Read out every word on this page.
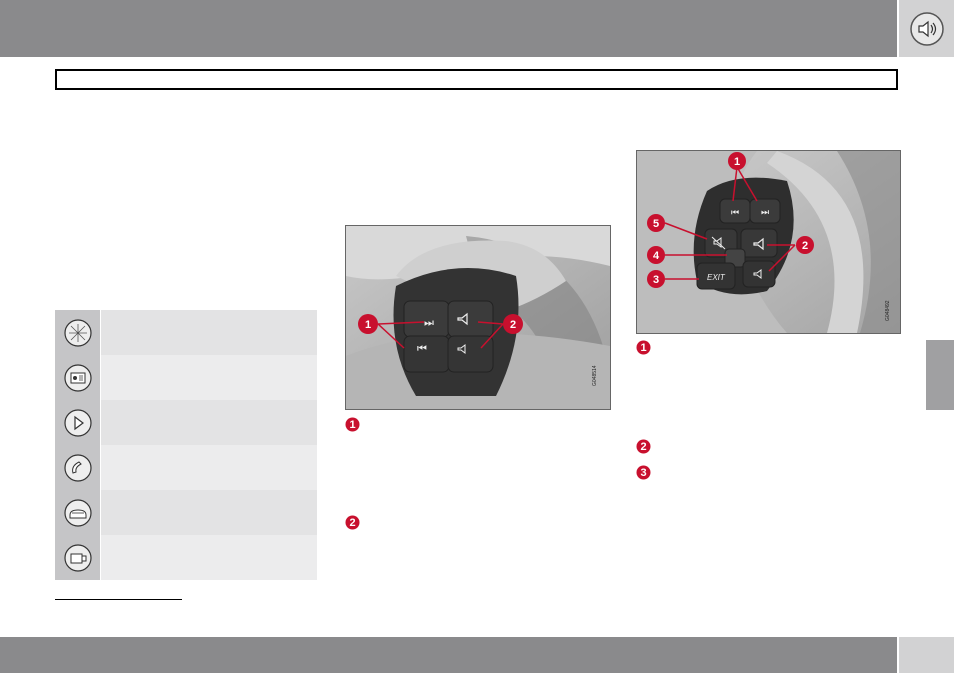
⏭
⏮
1	2
G048514
⏮ ⏭
EXIT
1
2
3
4
5
G048492
1
2
1
2
3
